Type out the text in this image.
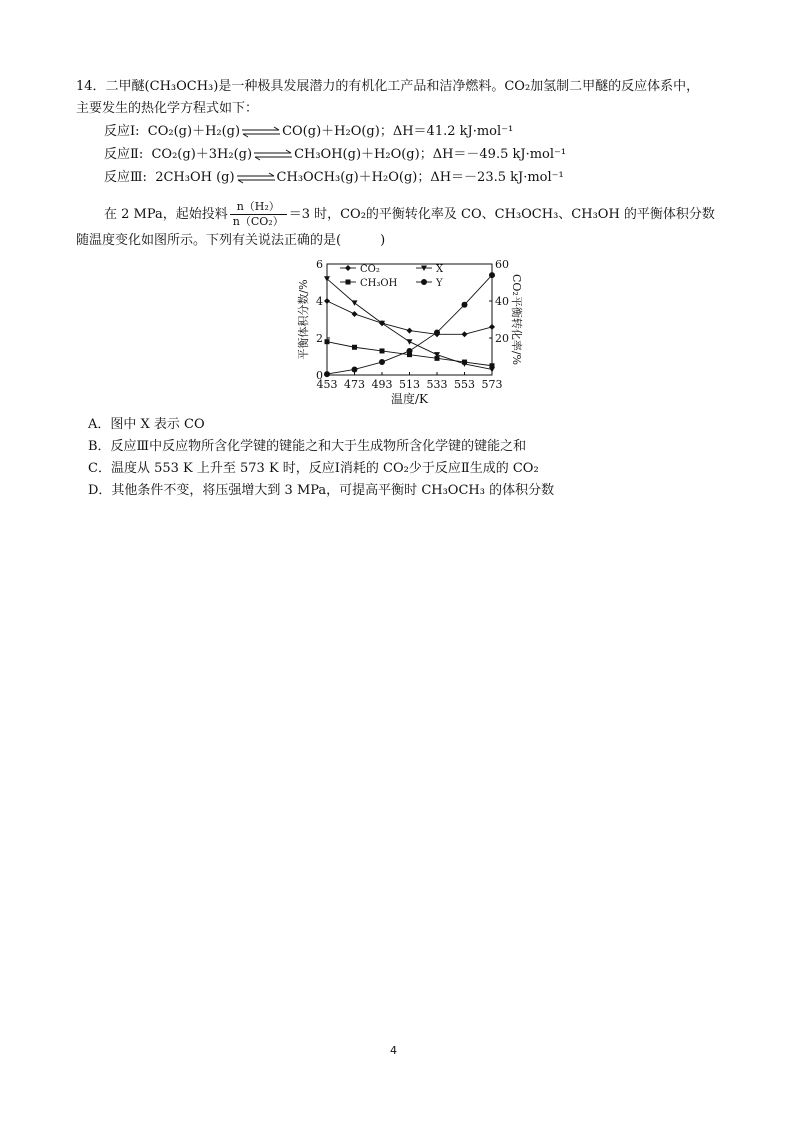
14．二甲醚(CH₃OCH₃)是一种极具发展潜力的有机化工产品和洁净燃料。CO₂加氢制二甲醚的反应体系中，
主要发生的热化学方程式如下：
反应Ⅰ: CO₂(g)＋H₂(g)⇌CO(g)＋H₂O(g)；ΔH＝41.2 kJ·mol⁻¹
反应Ⅱ: CO₂(g)＋3H₂(g)⇌CH₃OH(g)＋H₂O(g)；ΔH＝－49.5 kJ·mol⁻¹
反应Ⅲ: 2CH₃OH (g)⇌CH₃OCH₃(g)＋H₂O(g)；ΔH＝－23.5 kJ·mol⁻¹
在 2 MPa，起始投料 $\frac{\text{n（H₂）}}{\text{n（CO₂）}} =3$ 时，CO₂的平衡转化率及 CO、CH₃OCH₃、CH₃OH 的平衡体积分数
随温度变化如图所示。下列有关说法正确的是(　　　)
453 473 493 513 533 553 573
0
2
4
6
20
40
60
温度/K
平衡体积分数/%	CO₂平衡转化率/%
CO₂	X
CH₃OH	Y
A．图中 X 表示 CO
B．反应Ⅲ中反应物所含化学键的键能之和大于生成物所含化学键的键能之和
C．温度从 553 K 上升至 573 K 时，反应Ⅰ消耗的 CO₂少于反应Ⅱ生成的 CO₂
D．其他条件不变，将压强增大到 3 MPa，可提高平衡时 CH₃OCH₃ 的体积分数
4
